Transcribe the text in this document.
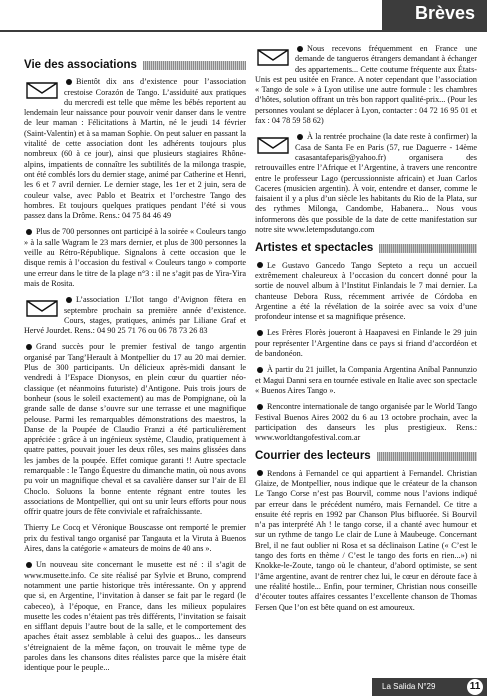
Brèves
Vie des associations
Bientôt dix ans d’existence pour l’association crestoise Corazón de Tango. L’assiduité aux pratiques du mercredi est telle que même les bébés reportent au lendemain leur naissance pour pouvoir venir danser dans le ventre de leur maman : Félicitations à Martin, né le jeudi 14 février (Saint-Valentin) et à sa maman Sophie. On peut saluer en passant la vitalité de cette association dont les adhérents toujours plus nombreux (60 à ce jour), ainsi que plusieurs stagiaires Rhône-alpins, impatients de connaître les subtilités de la milonga traspie, ont été comblés lors du dernier stage, animé par Catherine et Henri, les 6 et 7 avril dernier. Le dernier stage, les 1er et 2 juin, sera de couleur valse, avec Pablo et Beatrix et l’orchestre Tango des hombres. Et toujours quelques pratiques pendant l’été si vous passez dans la Drôme. Rens.: 04 75 84 46 49
Plus de 700 personnes ont participé à la soirée « Couleurs tango » à la salle Wagram le 23 mars dernier, et plus de 300 personnes la veille au Rétro-République. Signalons à cette occasion que le disque remis à l’occasion du festival « Couleurs tango » comporte une erreur dans le titre de la plage n°3 : il ne s’agit pas de Yira-Yira mais de Rosita.
L’association L’Ilot tango d’Avignon fêtera en septembre prochain sa première année d’existence. Cours, stages, pratiques, animés par Liliane Graf et Hervé Jourdet. Rens.: 04 90 25 71 76 ou 06 78 73 26 83
Grand succès pour le premier festival de tango argentin organisé par Tang’Herault à Montpellier du 17 au 20 mai dernier. Plus de 300 participants. Un délicieux après-midi dansant le vendredi à l’Espace Dionysos, en plein cœur du quartier néo-classique (et néanmoins futuriste) d’Antigone. Puis trois jours de bonheur (sous le soleil exactement) au mas de Pompignane, où la grande salle de danse s’ouvre sur une terrasse et une magnifique pelouse. Parmi les remarquables démonstrations des maestros, la Danse de la Poupée de Claudio Franzi a été particulièrement appréciée : grâce à un ingénieux système, Claudio, pratiquement à quatre pattes, pouvait jouer les deux rôles, ses mains glissées dans les jambes de la poupée. Effet comique garanti !! Autre spectacle remarquable : le Tango Équestre du dimanche matin, où nous avons pu voir un magnifique cheval et sa cavalière danser sur l’air de El Choclo. Soluons la bonne entente régnant entre toutes les associations de Montpellier, qui ont su unir leurs efforts pour nous offrir quatre jours de fête conviviale et rafraîchissante.
Thierry Le Cocq et Véronique Bouscasse ont remporté le premier prix du festival tango organisé par Tangauta et la Viruta à Buenos Aires, dans la catégorie « amateurs de moins de 40 ans ».
Un nouveau site concernant le musette est né : il s’agit de www.musette.info. Ce site réalisé par Sylvie et Bruno, comprend notamment une partie historique très intéressante. On y apprend que si, en Argentine, l’invitation à danser se fait par le regard (le cabeceo), à l’époque, en France, dans les milieux populaires musette les codes n’étaient pas très différents, l’invitation se faisait en sifflant depuis l’autre bout de la salle, et le comportement des apaches était assez semblable à celui des guapos... les danseurs s’étreignaient de la même façon, on trouvait le même type de paroles dans les chansons dites réalistes parce que la misère était identique pour le peuple...
Nous recevons fréquemment en France une demande de tangueros étrangers demandant à échanger des appartements... Cette coutume fréquente aux États-Unis est peu usitée en France. A noter cependant que l’association « Tango de sole » à Lyon utilise une autre formule : les chambres d’hôtes, solution offrant un très bon rapport qualité-prix... (Pour les personnes voulant se déplacer à Lyon, contacter : 04 72 16 95 01 et fax : 04 78 59 58 62)
À la rentrée prochaine (la date reste à confirmer) la Casa de Santa Fe en Paris (57, rue Daguerre - 14ème casasantafeparis@yahoo.fr) organisera des retrouvailles entre l’Afrique et l’Argentine, à travers une rencontre entre le professeur Lago (percussionniste africain) et Juan Carlos Caceres (musicien argentin). À voir, entendre et danser, comme le faisaient il y a plus d’un siècle les habitants du Rio de la Plata, sur des rythmes Milonga, Candombe, Habanera... Nous vous informerons dès que possible de la date de cette manifestation sur notre site www.letempsdutango.com
Artistes et spectacles
Le Gustavo Gancedo Tango Septeto a reçu un accueil extrêmement chaleureux à l’occasion du concert donné pour la sortie de nouvel album à l’Institut Finlandais le 7 mai dernier. La chanteuse Debora Russ, récemment arrivée de Córdoba en Argentine a été la révélation de la soirée avec sa voix d’une profondeur intense et sa magnifique présence.
Les Frères Florès joueront à Haapavesi en Finlande le 29 juin pour représenter l’Argentine dans ce pays si friand d’accordéon et de bandonéon.
À partir du 21 juillet, la Compania Argentina Aníbal Pannunzio et Magui Danni sera en tournée estivale en Italie avec son spectacle « Buenos Aires Tango ».
Rencontre internationale de tango organisée par le World Tango Festival Buenos Aires 2002 du 6 au 13 octobre prochain, avec la participation des danseurs les plus prestigieux. Rens.: www.worldtangofestival.com.ar
Courrier des lecteurs
Rendons à Fernandel ce qui appartient à Fernandel. Christian Glaize, de Montpellier, nous indique que le créateur de la chanson Le Tango Corse n’est pas Bourvil, comme nous l’avions indiqué par erreur dans le précédent numéro, mais Fernandel. Ce titre a ensuite été repris en 1992 par Chanson Plus bifluorée. Si Bourvil n’a pas interprété Ah ! le tango corse, il a chanté avec humour et sur un rythme de tango Le clair de Lune à Maubeuge. Concernant Brel, il ne faut oublier ni Rosa et sa déclinaison Latine (« C’est le tango des forts en thème / C’est le tango des forts en rien...») ni Knokke-le-Zoute, tango où le chanteur, d’abord optimiste, se sent l’âme argentine, avant de rentrer chez lui, le cœur en déroute face à une réalité hostile... Enfin, pour terminer, Christian nous conseille d’écouter toutes affaires cessantes l’excellente chanson de Thomas Fersen Que l’on est bête quand on est amoureux.
La Salida N°29	11
